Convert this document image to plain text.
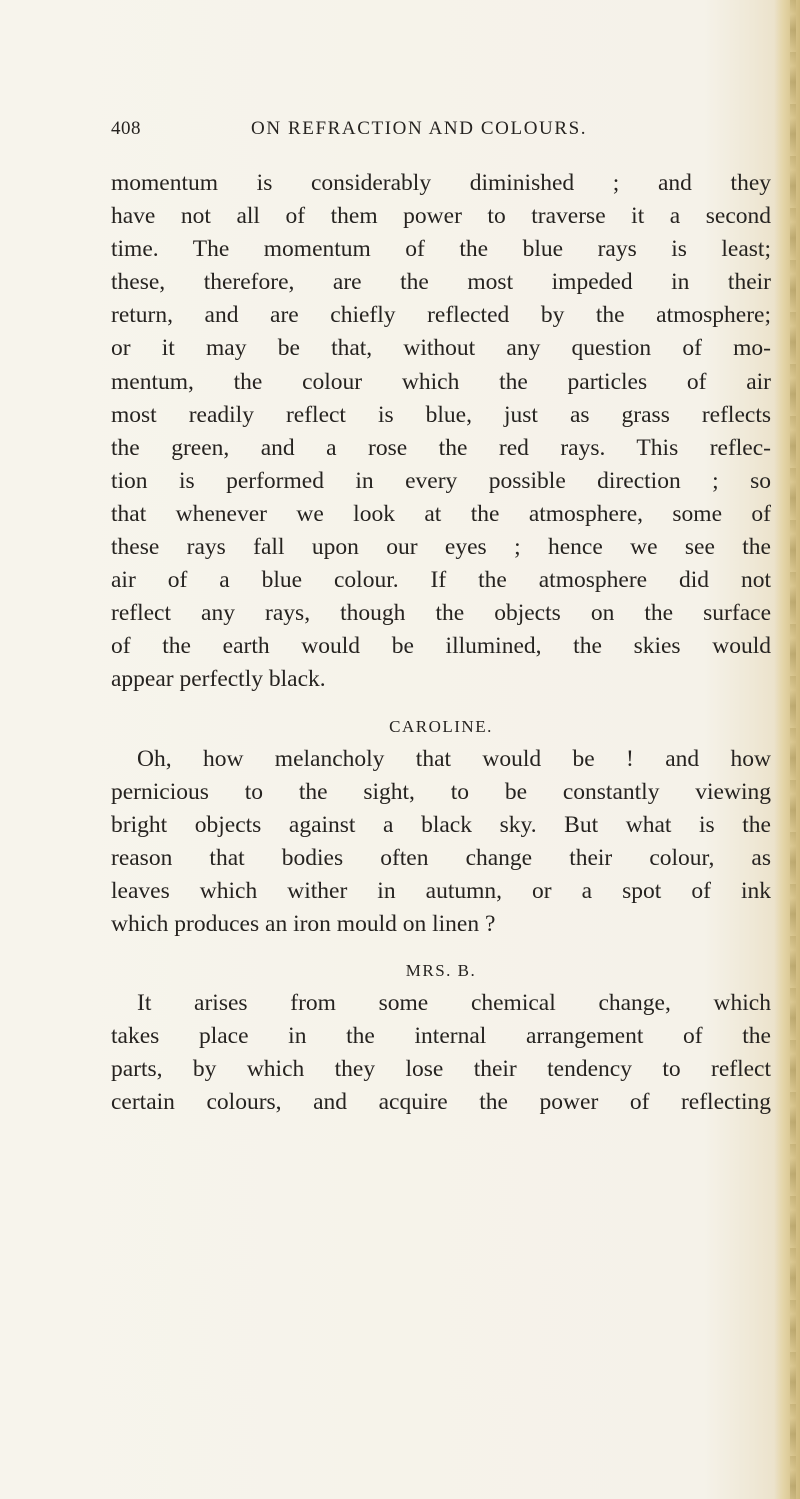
408	ON REFRACTION AND COLOURS.
momentum is considerably diminished ; and they
have not all of them power to traverse it a second
time. The momentum of the blue rays is least;
these, therefore, are the most impeded in their
return, and are chiefly reflected by the atmosphere;
or it may be that, without any question of mo-
mentum, the colour which the particles of air
most readily reflect is blue, just as grass reflects
the green, and a rose the red rays. This reflec-
tion is performed in every possible direction ; so
that whenever we look at the atmosphere, some of
these rays fall upon our eyes ; hence we see the
air of a blue colour. If the atmosphere did not
reflect any rays, though the objects on the surface
of the earth would be illumined, the skies would
appear perfectly black.
CAROLINE.
Oh, how melancholy that would be ! and how
pernicious to the sight, to be constantly viewing
bright objects against a black sky. But what is the
reason that bodies often change their colour, as
leaves which wither in autumn, or a spot of ink
which produces an iron mould on linen ?
MRS. B.
It arises from some chemical change, which
takes place in the internal arrangement of the
parts, by which they lose their tendency to reflect
certain colours, and acquire the power of reflecting
